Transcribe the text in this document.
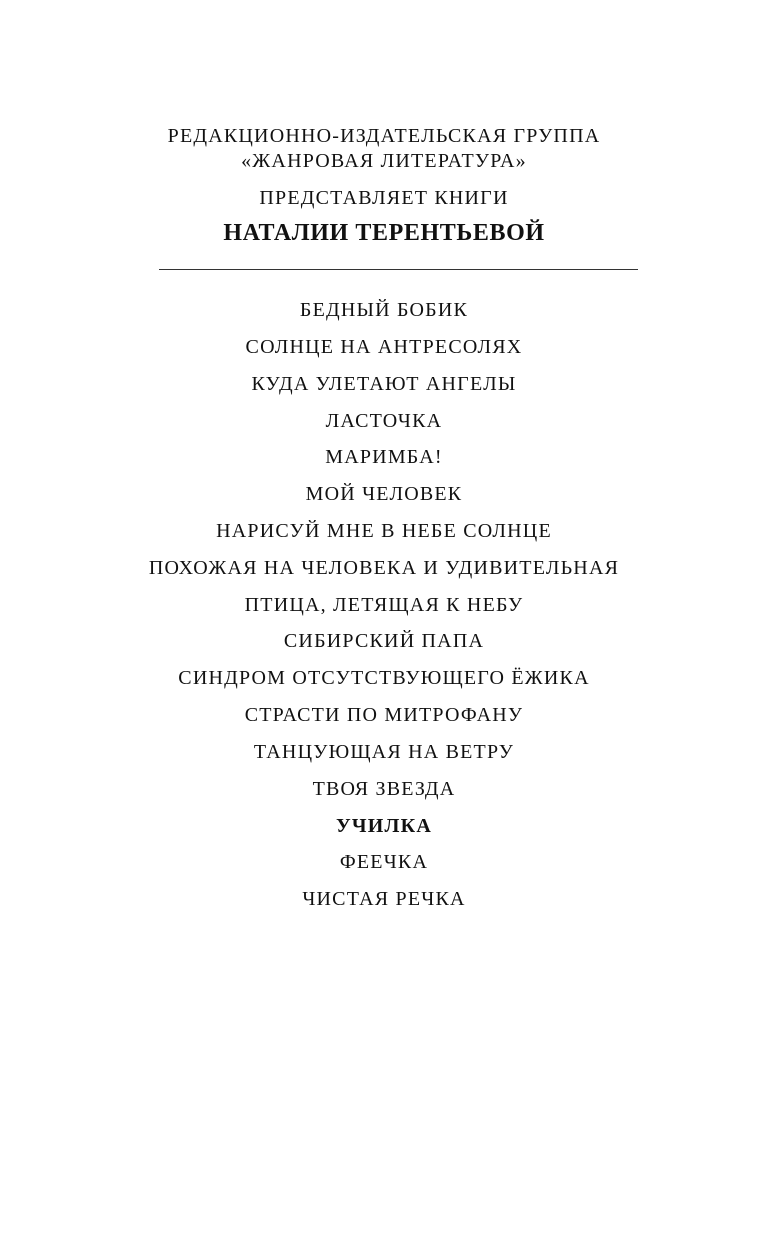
РЕДАКЦИОННО-ИЗДАТЕЛЬСКАЯ ГРУППА
«ЖАНРОВАЯ ЛИТЕРАТУРА»
ПРЕДСТАВЛЯЕТ КНИГИ
НАТАЛИИ ТЕРЕНТЬЕВОЙ
БЕДНЫЙ БОБИК
СОЛНЦЕ НА АНТРЕСОЛЯХ
КУДА УЛЕТАЮТ АНГЕЛЫ
ЛАСТОЧКА
МАРИМБА!
МОЙ ЧЕЛОВЕК
НАРИСУЙ МНЕ В НЕБЕ СОЛНЦЕ
ПОХОЖАЯ НА ЧЕЛОВЕКА И УДИВИТЕЛЬНАЯ
ПТИЦА, ЛЕТЯЩАЯ К НЕБУ
СИБИРСКИЙ ПАПА
СИНДРОМ ОТСУТСТВУЮЩЕГО ЁЖИКА
СТРАСТИ ПО МИТРОФАНУ
ТАНЦУЮЩАЯ НА ВЕТРУ
ТВОЯ ЗВЕЗДА
УЧИЛКА
ФЕЕЧКА
ЧИСТАЯ РЕЧКА
